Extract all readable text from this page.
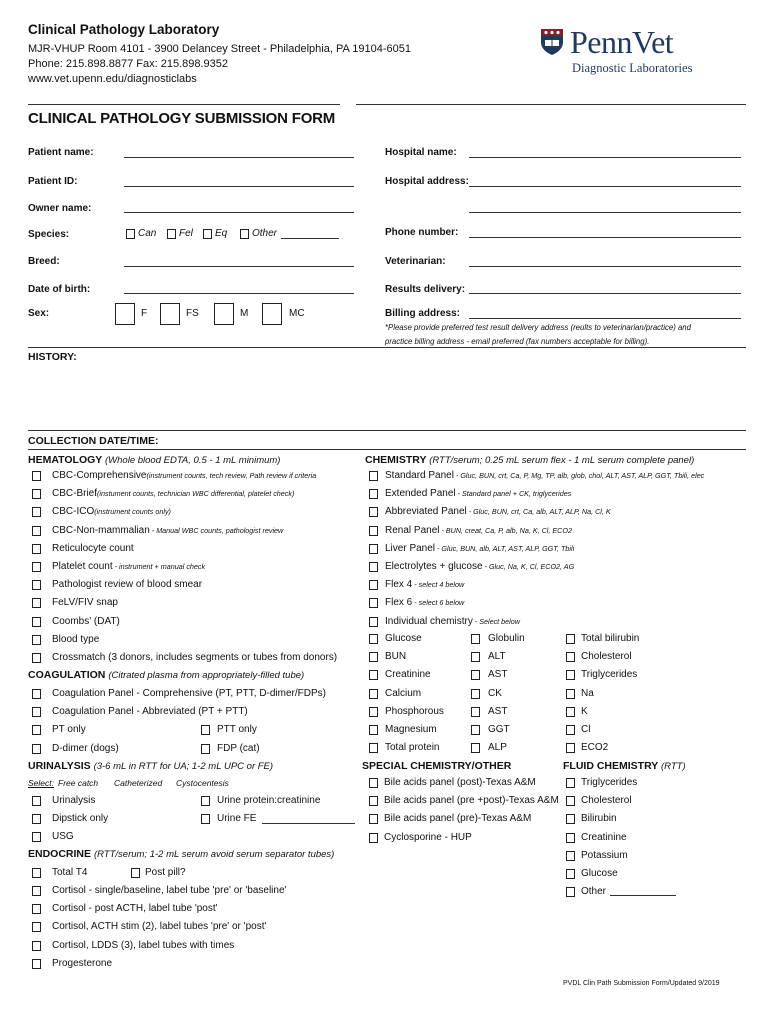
Clinical Pathology Laboratory
MJR-VHUP Room 4101 - 3900 Delancey Street - Philadelphia, PA 19104-6051
Phone: 215.898.8877 Fax: 215.898.9352
www.vet.upenn.edu/diagnosticlabs
PennVet
Diagnostic Laboratories
CLINICAL PATHOLOGY SUBMISSION FORM
Patient name:
Patient ID:
Owner name:
Species:	Can Fel Eq Other
Breed:
Date of birth:
Sex:	F	FS	M	MC
Hospital name:
Hospital address:
Phone number:
Veterinarian:
Results delivery:
Billing address:
*Please provide preferred test result delivery address (reults to veterinarian/practice) and
practice billing address - email preferred (fax numbers acceptable for billing).
HISTORY:
COLLECTION DATE/TIME:
HEMATOLOGY (Whole blood EDTA, 0.5 - 1 mL minimum)
CBC-Comprehensive(instrument counts, tech review, Path review if criteria
CBC-Brief(instument counts, technician WBC differential, platelet check)
CBC-ICO(instrument counts only)
CBC-Non-mammalian - Manual WBC counts, pathologist review
Reticulocyte count
Platelet count - instrument + manual check
Pathologist review of blood smear
FeLV/FIV snap
Coombs' (DAT)
Blood type
Crossmatch (3 donors, includes segments or tubes from donors)
COAGULATION (Citrated plasma from appropriately-filled tube)
Coagulation Panel - Comprehensive (PT, PTT, D-dimer/FDPs)
Coagulation Panel - Abbreviated (PT + PTT)
PT only	PTT only
D-dimer (dogs)	FDP (cat)
URINALYSIS (3-6 mL in RTT for UA; 1-2 mL UPC or FE)
Select: Free catch Catheterized Cystocentesis
Urinalysis	Urine protein:creatinine
Dipstick only	Urine FE
USG
ENDOCRINE (RTT/serum; 1-2 mL serum avoid serum separator tubes)
Total T4	Post pill?
Cortisol - single/baseline, label tube 'pre' or 'baseline'
Cortisol - post ACTH, label tube 'post'
Cortisol, ACTH stim (2), label tubes 'pre' or 'post'
Cortisol, LDDS (3), label tubes with times
Progesterone
CHEMISTRY (RTT/serum; 0.25 mL serum flex - 1 mL serum complete panel)
Standard Panel - Gluc, BUN, crt, Ca, P, Mg, TP, alb, glob, chol, ALT, AST, ALP, GGT, Tbili, elec
Extended Panel - Standard panel + CK, triglycerides
Abbreviated Panel - Gluc, BUN, crt, Ca, alb, ALT, ALP, Na, Cl, K
Renal Panel - BUN, creat, Ca, P, alb, Na, K, Cl, ECO2
Liver Panel - Gluc, BUN, alb, ALT, AST, ALP, GGT, Tbili
Electrolytes + glucose - Gluc, Na, K, Cl, ECO2, AG
Flex 4 - select 4 below
Flex 6 - select 6 below
Individual chemistry - Select below
Glucose	Globulin	Total bilirubin
BUN	ALT	Cholesterol
Creatinine	AST	Triglycerides
Calcium	CK	Na
Phosphorous	AST	K
Magnesium	GGT	Cl
Total protein	ALP	ECO2
SPECIAL CHEMISTRY/OTHER
Bile acids panel (post)-Texas A&M
Bile acids panel (pre +post)-Texas A&M
Bile acids panel (pre)-Texas A&M
Cyclosporine - HUP
FLUID CHEMISTRY (RTT)
Triglycerides
Cholesterol
Bilirubin
Creatinine
Potassium
Glucose
Other
PVDL Clin Path Submission Form/Updated 9/2019
